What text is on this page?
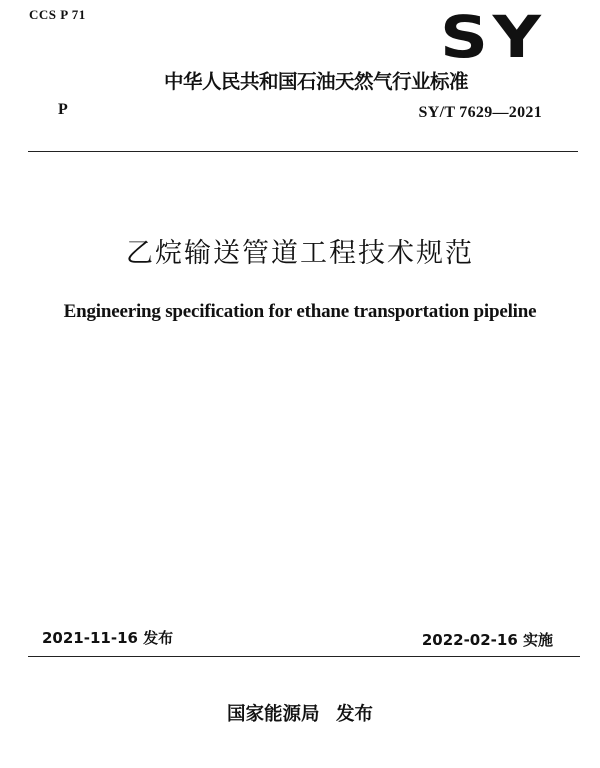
CCS P 71	SY
中华人民共和国石油天然气行业标准
P	SY/T 7629—2021
乙烷输送管道工程技术规范
Engineering specification for ethane transportation pipeline
2021-11-16 发布	2022-02-16 实施
国家能源局 发布
